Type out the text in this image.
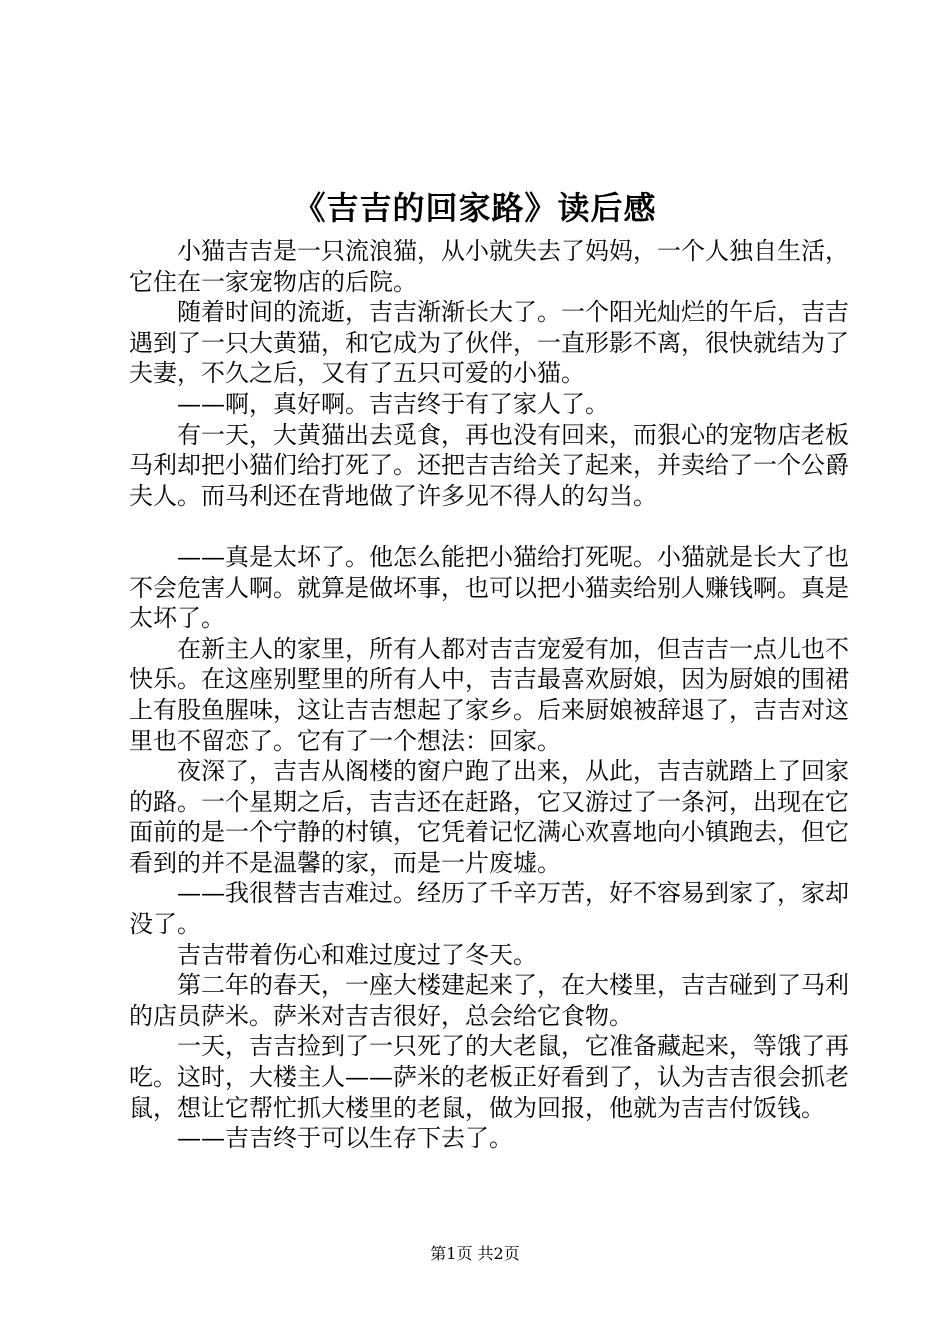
《吉吉的回家路》读后感

小猫吉吉是一只流浪猫，从小就失去了妈妈，一个人独自生活，它住在一家宠物店的后院。

随着时间的流逝，吉吉渐渐长大了。一个阳光灿烂的午后，吉吉遇到了一只大黄猫，和它成为了伙伴，一直形影不离，很快就结为了夫妻，不久之后，又有了五只可爱的小猫。

——啊，真好啊。吉吉终于有了家人了。

有一天，大黄猫出去觅食，再也没有回来，而狠心的宠物店老板马利却把小猫们给打死了。还把吉吉给关了起来，并卖给了一个公爵夫人。而马利还在背地做了许多见不得人的勾当。

——真是太坏了。他怎么能把小猫给打死呢。小猫就是长大了也不会危害人啊。就算是做坏事，也可以把小猫卖给别人赚钱啊。真是太坏了。

在新主人的家里，所有人都对吉吉宠爱有加，但吉吉一点儿也不快乐。在这座别墅里的所有人中，吉吉最喜欢厨娘，因为厨娘的围裙上有股鱼腥味，这让吉吉想起了家乡。后来厨娘被辞退了，吉吉对这里也不留恋了。它有了一个想法：回家。

夜深了，吉吉从阁楼的窗户跑了出来，从此，吉吉就踏上了回家的路。一个星期之后，吉吉还在赶路，它又游过了一条河，出现在它面前的是一个宁静的村镇，它凭着记忆满心欢喜地向小镇跑去，但它看到的并不是温馨的家，而是一片废墟。

——我很替吉吉难过。经历了千辛万苦，好不容易到家了，家却没了。

吉吉带着伤心和难过度过了冬天。

第二年的春天，一座大楼建起来了，在大楼里，吉吉碰到了马利的店员萨米。萨米对吉吉很好，总会给它食物。

一天，吉吉捡到了一只死了的大老鼠，它准备藏起来，等饿了再吃。这时，大楼主人——萨米的老板正好看到了，认为吉吉很会抓老鼠，想让它帮忙抓大楼里的老鼠，做为回报，他就为吉吉付饭钱。

——吉吉终于可以生存下去了。

第1页 共2页
